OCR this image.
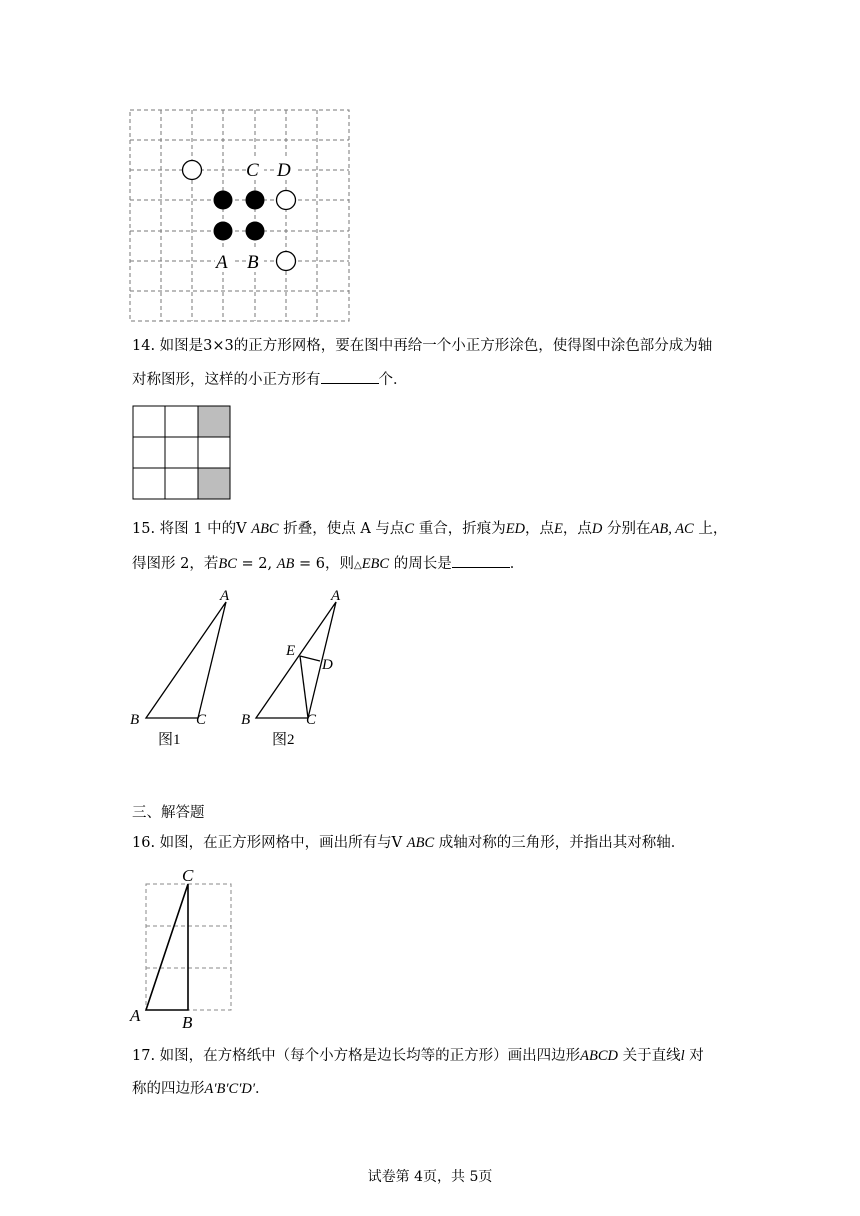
C D
A B
14. 如图是3×3的正方形网格，要在图中再给一个小正方形涂色，使得图中涂色部分成为轴
对称图形，这样的小正方形有	个．
15. 将图 1 中的V ABC 折叠，使点 A 与点C 重合，折痕为ED，点E，点D 分别在AB, AC 上，
得图形 2，若BC = 2, AB = 6，则△EBC 的周长是	．
A
B	C
图1
A
E
D
B	C
图2
三、解答题
16. 如图，在正方形网格中，画出所有与V ABC 成轴对称的三角形，并指出其对称轴．
C
A B
17. 如图，在方格纸中（每个小方格是边长均等的正方形）画出四边形ABCD 关于直线l 对
称的四边形A′B′C′D′．
试卷第 4页，共 5页
